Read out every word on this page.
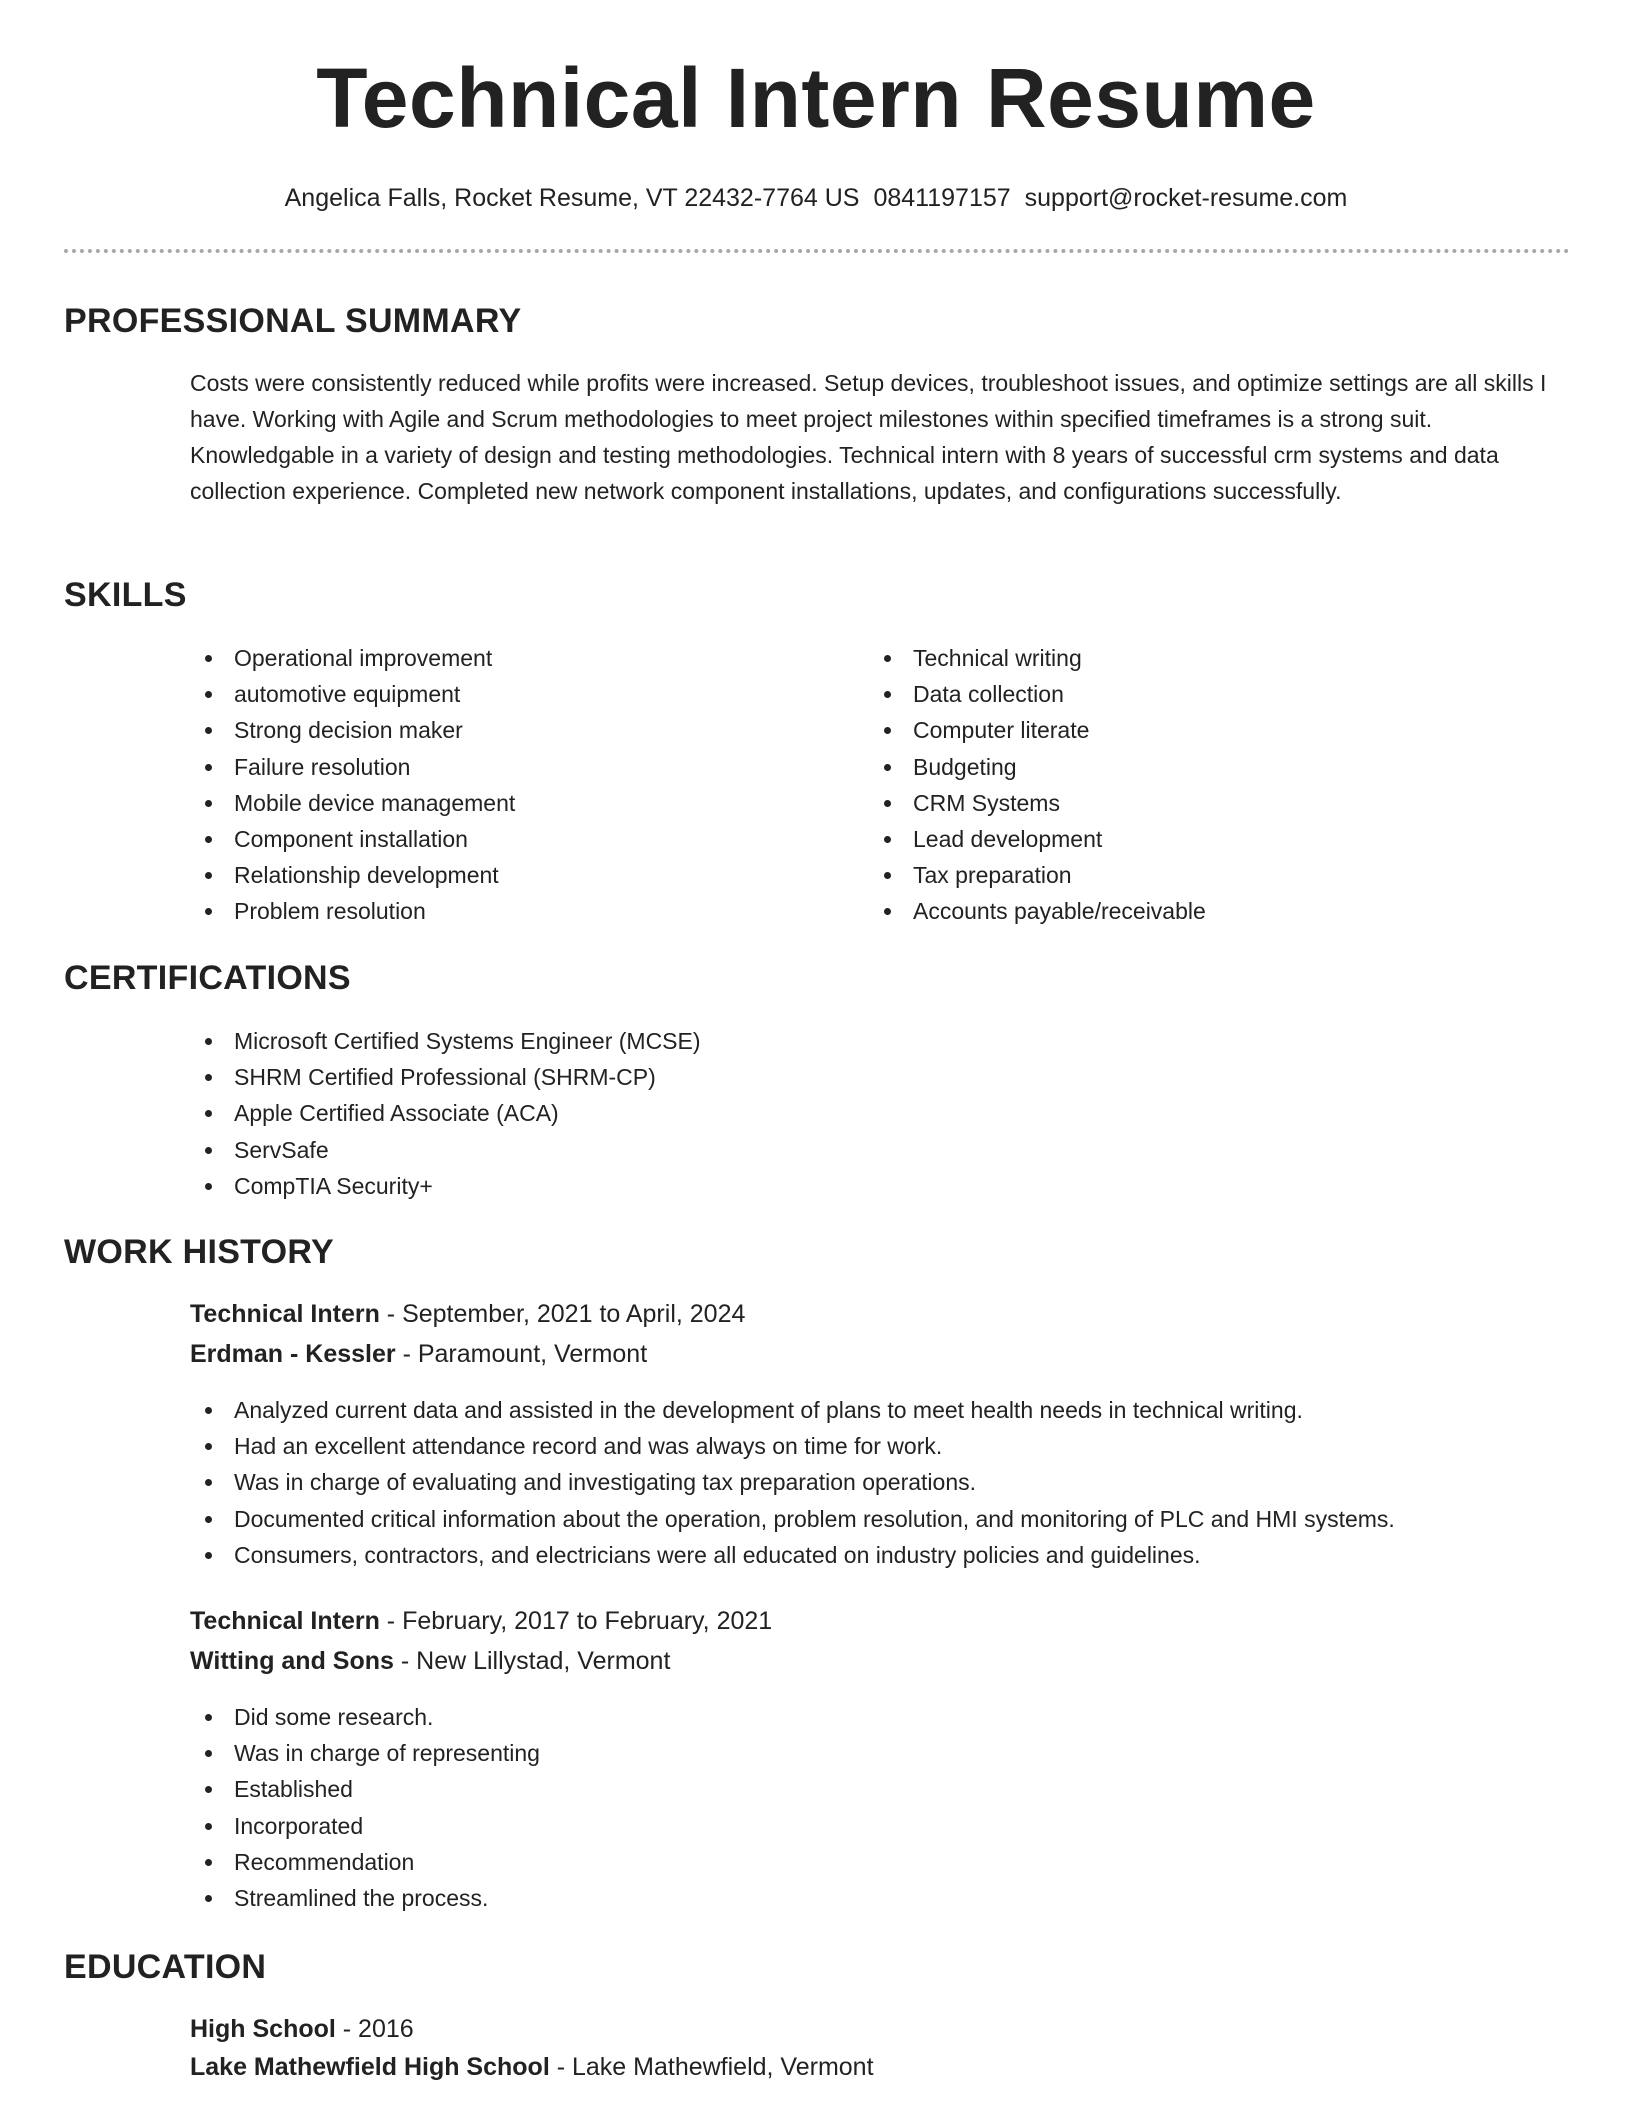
Technical Intern Resume
Angelica Falls, Rocket Resume, VT 22432-7764 US 0841197157 support@rocket-resume.com
PROFESSIONAL SUMMARY

Costs were consistently reduced while profits were increased. Setup devices, troubleshoot issues, and optimize settings are all skills I have. Working with Agile and Scrum methodologies to meet project milestones within specified timeframes is a strong suit. Knowledgable in a variety of design and testing methodologies. Technical intern with 8 years of successful crm systems and data collection experience. Completed new network component installations, updates, and configurations successfully.

SKILLS
Operational improvement
automotive equipment
Strong decision maker
Failure resolution
Mobile device management
Component installation
Relationship development
Problem resolution
Technical writing
Data collection
Computer literate
Budgeting
CRM Systems
Lead development
Tax preparation
Accounts payable/receivable
CERTIFICATIONS
Microsoft Certified Systems Engineer (MCSE)
SHRM Certified Professional (SHRM-CP)
Apple Certified Associate (ACA)
ServSafe
CompTIA Security+
WORK HISTORY
Technical Intern - September, 2021 to April, 2024
Erdman - Kessler - Paramount, Vermont
Analyzed current data and assisted in the development of plans to meet health needs in technical writing.
Had an excellent attendance record and was always on time for work.
Was in charge of evaluating and investigating tax preparation operations.
Documented critical information about the operation, problem resolution, and monitoring of PLC and HMI systems.
Consumers, contractors, and electricians were all educated on industry policies and guidelines.
Technical Intern - February, 2017 to February, 2021
Witting and Sons - New Lillystad, Vermont
Did some research.
Was in charge of representing
Established
Incorporated
Recommendation
Streamlined the process.
EDUCATION
High School - 2016
Lake Mathewfield High School - Lake Mathewfield, Vermont
